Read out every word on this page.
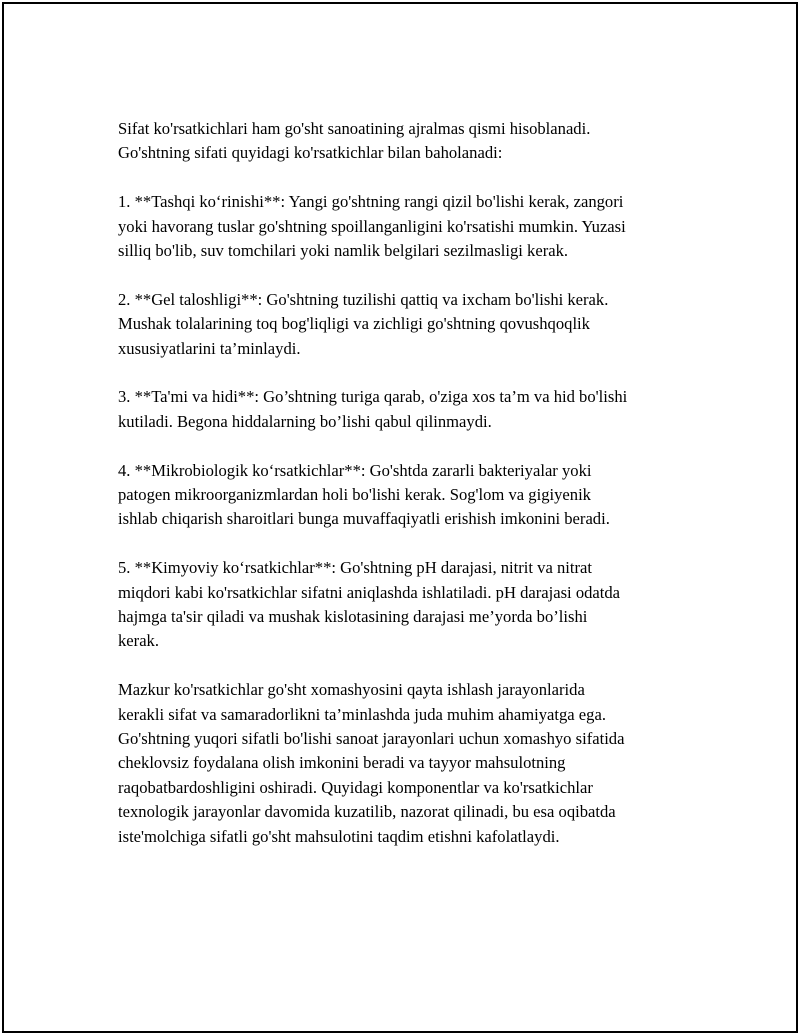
Sifat ko'rsatkichlari ham go'sht sanoatining ajralmas qismi hisoblanadi.
Go'shtning sifati quyidagi ko'rsatkichlar bilan baholanadi:

1. **Tashqi ko‘rinishi**: Yangi go'shtning rangi qizil bo'lishi kerak, zangori
yoki havorang tuslar go'shtning spoillanganligini ko'rsatishi mumkin. Yuzasi
silliq bo'lib, suv tomchilari yoki namlik belgilari sezilmasligi kerak.

2. **Gel taloshligi**: Go'shtning tuzilishi qattiq va ixcham bo'lishi kerak.
Mushak tolalarining toq bog'liqligi va zichligi go'shtning qovushqoqlik
xususiyatlarini ta’minlaydi.

3. **Ta'mi va hidi**: Go’shtning turiga qarab, o'ziga xos ta’m va hid bo'lishi
kutiladi. Begona hiddalarning bo’lishi qabul qilinmaydi.

4. **Mikrobiologik ko‘rsatkichlar**: Go'shtda zararli bakteriyalar yoki
patogen mikroorganizmlardan holi bo'lishi kerak. Sog'lom va gigiyenik
ishlab chiqarish sharoitlari bunga muvaffaqiyatli erishish imkonini beradi.

5. **Kimyoviy ko‘rsatkichlar**: Go'shtning pH darajasi, nitrit va nitrat
miqdori kabi ko'rsatkichlar sifatni aniqlashda ishlatiladi. pH darajasi odatda
hajmga ta'sir qiladi va mushak kislotasining darajasi me’yorda bo’lishi
kerak.

Mazkur ko'rsatkichlar go'sht xomashyosini qayta ishlash jarayonlarida
kerakli sifat va samaradorlikni ta’minlashda juda muhim ahamiyatga ega.
Go'shtning yuqori sifatli bo'lishi sanoat jarayonlari uchun xomashyo sifatida
cheklovsiz foydalana olish imkonini beradi va tayyor mahsulotning
raqobatbardoshligini oshiradi. Quyidagi komponentlar va ko'rsatkichlar
texnologik jarayonlar davomida kuzatilib, nazorat qilinadi, bu esa oqibatda
iste'molchiga sifatli go'sht mahsulotini taqdim etishni kafolatlaydi.
